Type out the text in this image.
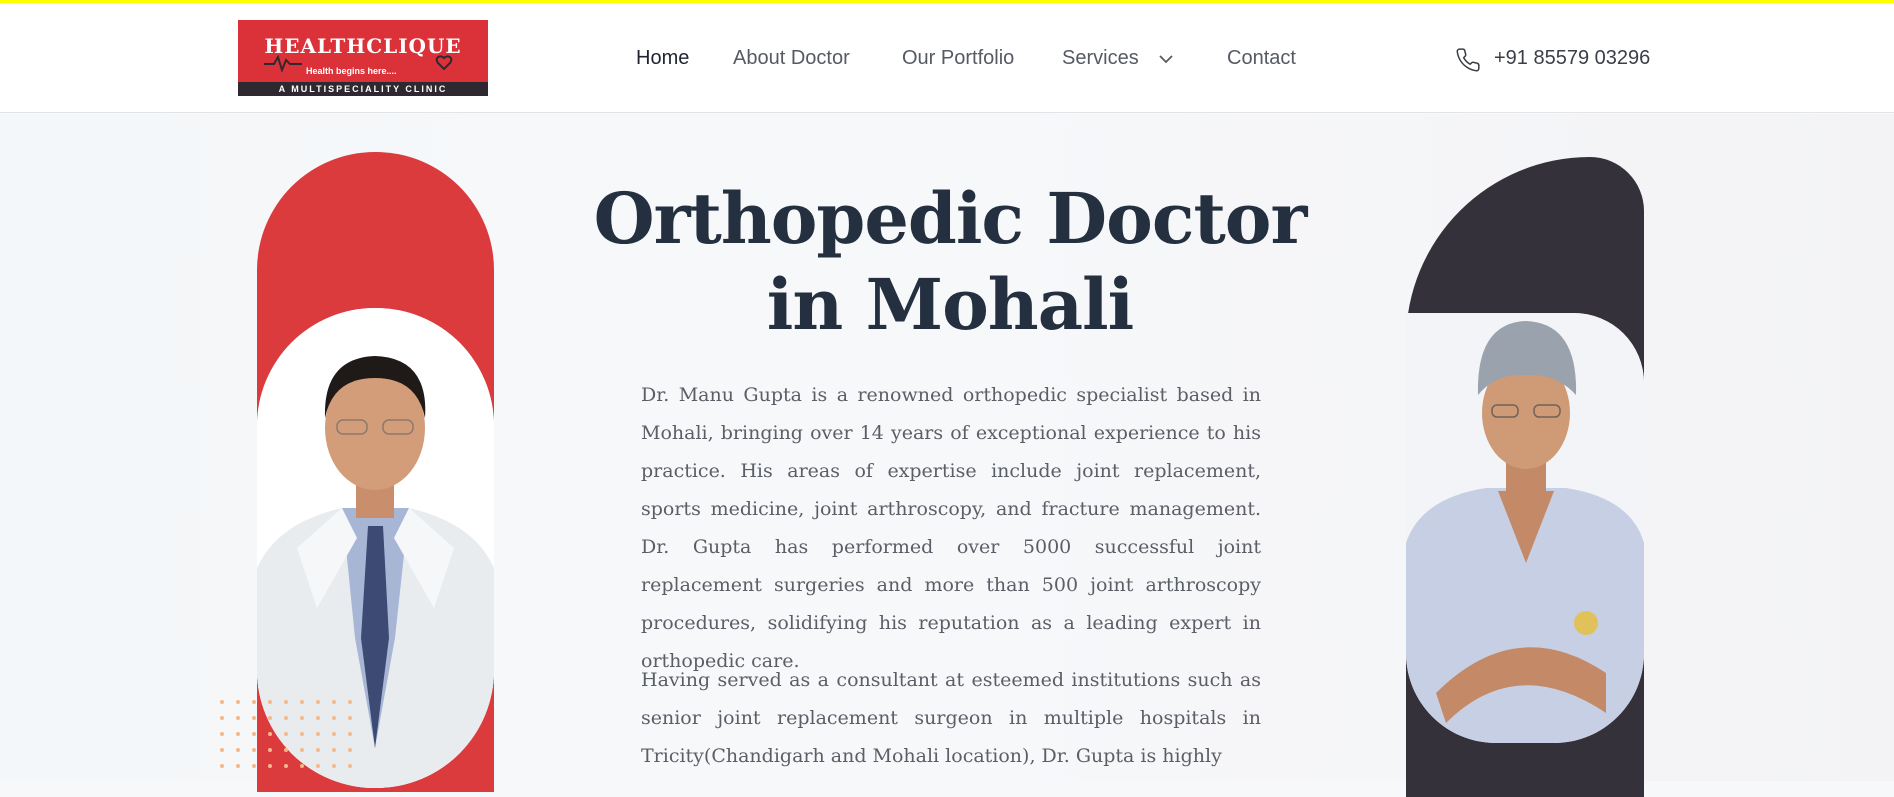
HEALTHCLIQUE
Health begins here....
A MULTISPECIALITY CLINIC
Home About Doctor	Our Portfolio Services	Contact	+91 85579 03296
Orthopedic Doctor
in Mohali

Dr. Manu Gupta is a renowned orthopedic specialist based in Mohali, bringing over 14 years of exceptional experience to his practice. His areas of expertise include joint replacement, sports medicine, joint arthroscopy, and fracture management. Dr. Gupta has performed over 5000 successful joint replacement surgeries and more than 500 joint arthroscopy procedures, solidifying his reputation as a leading expert in orthopedic care.

Having served as a consultant at esteemed institutions such as senior joint replacement surgeon in multiple hospitals in Tricity(Chandigarh and Mohali location), Dr. Gupta is highly
